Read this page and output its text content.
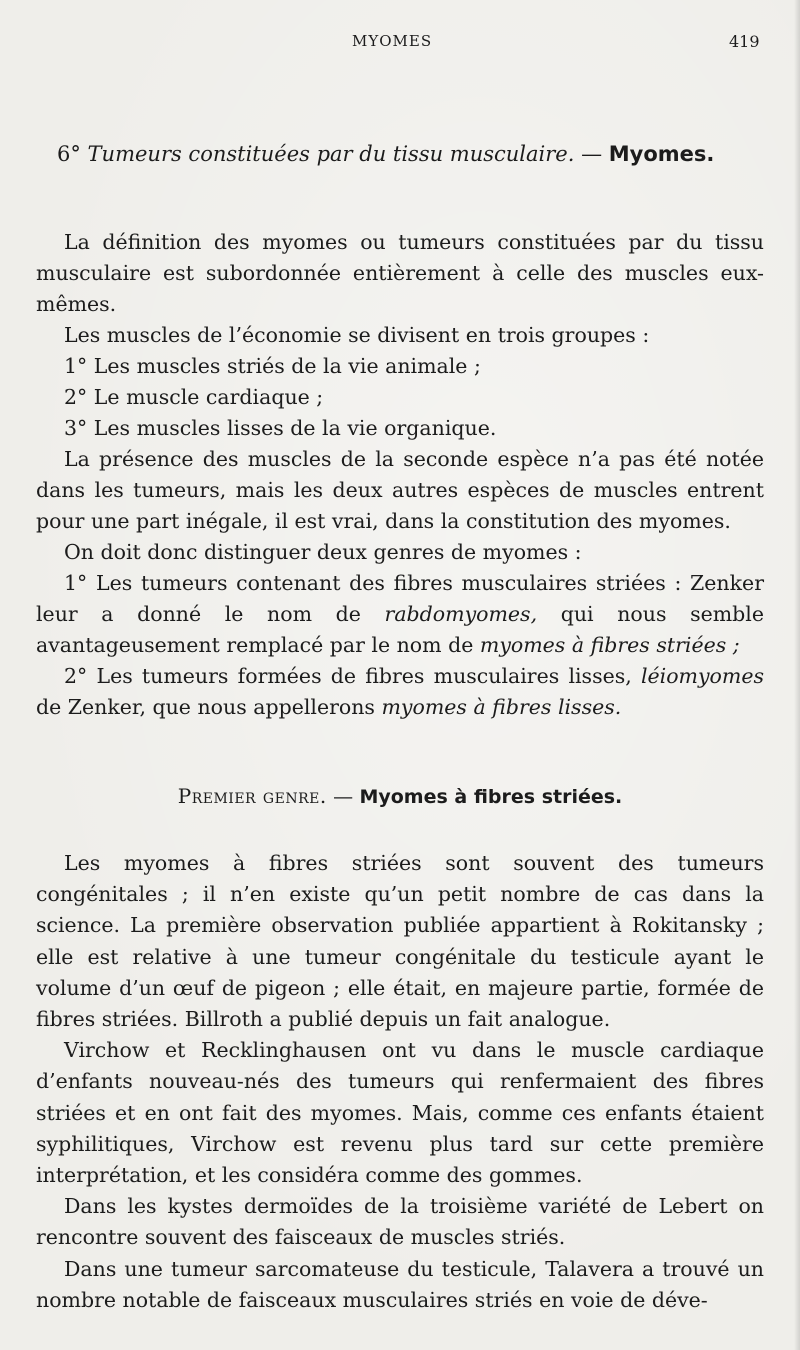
MYOMES	419
6° Tumeurs constituées par du tissu musculaire. — Myomes.

La définition des myomes ou tumeurs constituées par du tissu musculaire est subordonnée entièrement à celle des muscles eux-mêmes.

Les muscles de l’économie se divisent en trois groupes :

1° Les muscles striés de la vie animale ;

2° Le muscle cardiaque ;

3° Les muscles lisses de la vie organique.

La présence des muscles de la seconde espèce n’a pas été notée dans les tumeurs, mais les deux autres espèces de muscles entrent pour une part inégale, il est vrai, dans la constitution des myomes.

On doit donc distinguer deux genres de myomes :

1° Les tumeurs contenant des fibres musculaires striées : Zenker leur a donné le nom de rabdomyomes, qui nous semble avantageusement remplacé par le nom de myomes à fibres striées ;

2° Les tumeurs formées de fibres musculaires lisses, léiomyomes de Zenker, que nous appellerons myomes à fibres lisses.

Premier genre. — Myomes à fibres striées.

Les myomes à fibres striées sont souvent des tumeurs congénitales ; il n’en existe qu’un petit nombre de cas dans la science. La première observation publiée appartient à Rokitansky ; elle est relative à une tumeur congénitale du testicule ayant le volume d’un œuf de pigeon ; elle était, en majeure partie, formée de fibres striées. Billroth a publié depuis un fait analogue.

Virchow et Recklinghausen ont vu dans le muscle cardiaque d’enfants nouveau-nés des tumeurs qui renfermaient des fibres striées et en ont fait des myomes. Mais, comme ces enfants étaient syphilitiques, Virchow est revenu plus tard sur cette première interprétation, et les considéra comme des gommes.

Dans les kystes dermoïdes de la troisième variété de Lebert on rencontre souvent des faisceaux de muscles striés.

Dans une tumeur sarcomateuse du testicule, Talavera a trouvé un nombre notable de faisceaux musculaires striés en voie de déve-
